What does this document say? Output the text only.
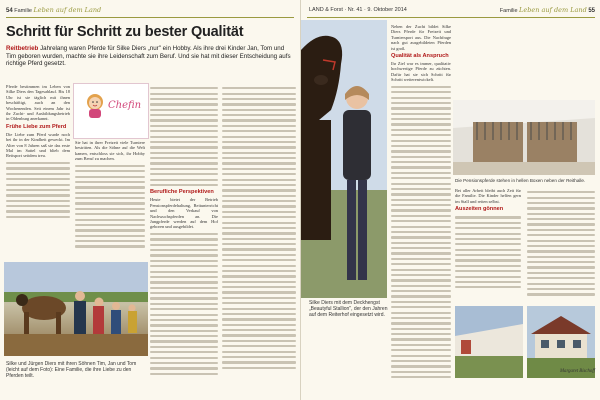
54 Familie Leben auf dem Land
Schritt für Schritt zu bester Qualität
Reitbetrieb Jahrelang waren Pferde für Silke Diers „nur" ein Hobby. Als ihre drei Kinder Jan, Tom und Tim geboren wurden, machte sie ihre Leidenschaft zum Beruf. Und sie hat mit dieser Entscheidung aufs richtige Pferd gesetzt.
Pferde bestimmen im Leben von Silke Diers den Tagesablauf. Bis 18 Uhr ist sie täglich mit ihnen beschäftigt, auch an den Wochenenden. Seit einem Jahr ist ihr Zucht- und Ausbildungsbetrieb in Oldenburg anerkannt.
Frühe Liebe zum Pferd
Die Liebe zum Pferd wurde noch bei ihr in der Kindheit geweckt. Im Alter von 8 Jahren saß sie das erste Mal im Sattel und blieb dem Reitsport seitdem treu.
Chefin
Sie hat in ihrer Freizeit viele Turniere bestritten. Als die Söhne auf die Welt kamen, entschloss sie sich, ihr Hobby zum Beruf zu machen.
Berufliche Perspektiven
Heute bietet der Betrieb Pensionspferdehaltung, Reitunterricht und den Verkauf von Nachwuchspferden an. Die Jungpferde werden auf dem Hof geboren und ausgebildet.
Silke und Jürgen Diers mit ihren Söhnen Tim, Jan und Tom (leicht auf dem Foto): Eine Familie, die ihre Liebe zu den Pferden teilt.
LAND & Forst · Nr. 41 · 9. Oktober 2014	Familie Leben auf dem Land 55
Silke Diers mit dem Deckhengst „Beautyful Stallion", der den Jahren auf dem Reiterhof eingesetzt wird.
Neben der Zucht bildet Silke Diers Pferde für Freizeit und Turniersport aus. Die Nachfrage nach gut ausgebildeten Pferden ist groß.
Qualität als Anspruch
Ihr Ziel war es immer, qualitativ hochwertige Pferde zu züchten. Dafür hat sie sich Schritt für Schritt weiterentwickelt.
Die Pensionspferde stehen in hellen Boxen neben der Reithalle.
Bei aller Arbeit bleibt auch Zeit für die Familie. Die Kinder helfen gern im Stall und reiten selbst.
Auszeiten gönnen
Margaret Bischoff
